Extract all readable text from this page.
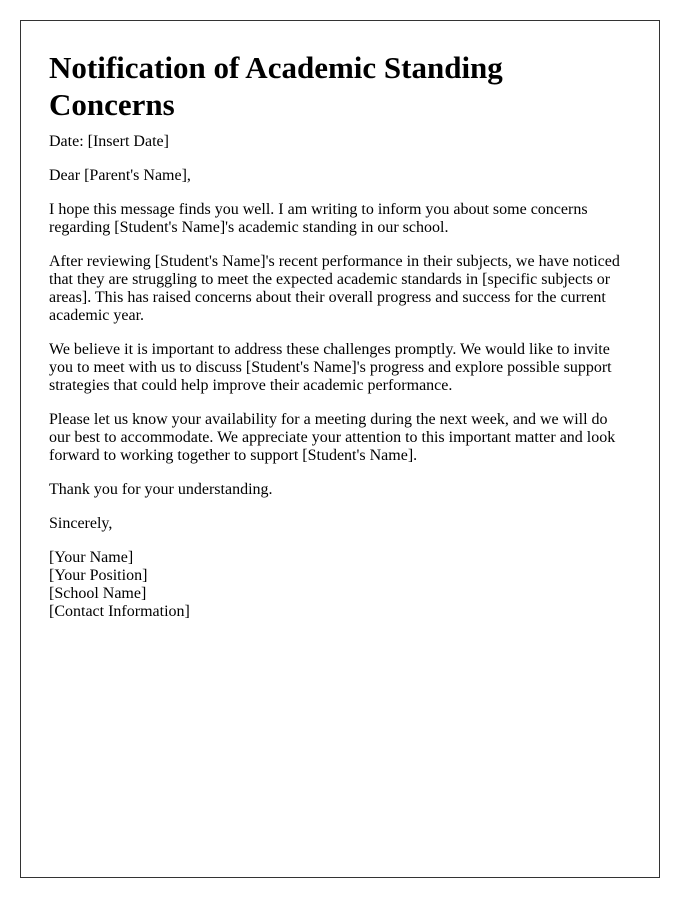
Notification of Academic Standing Concerns

Date: [Insert Date]

Dear [Parent's Name],

I hope this message finds you well. I am writing to inform you about some concerns regarding [Student's Name]'s academic standing in our school.

After reviewing [Student's Name]'s recent performance in their subjects, we have noticed that they are struggling to meet the expected academic standards in [specific subjects or areas]. This has raised concerns about their overall progress and success for the current academic year.

We believe it is important to address these challenges promptly. We would like to invite you to meet with us to discuss [Student's Name]'s progress and explore possible support strategies that could help improve their academic performance.

Please let us know your availability for a meeting during the next week, and we will do our best to accommodate. We appreciate your attention to this important matter and look forward to working together to support [Student's Name].

Thank you for your understanding.

Sincerely,

[Your Name]
[Your Position]
[School Name]
[Contact Information]
